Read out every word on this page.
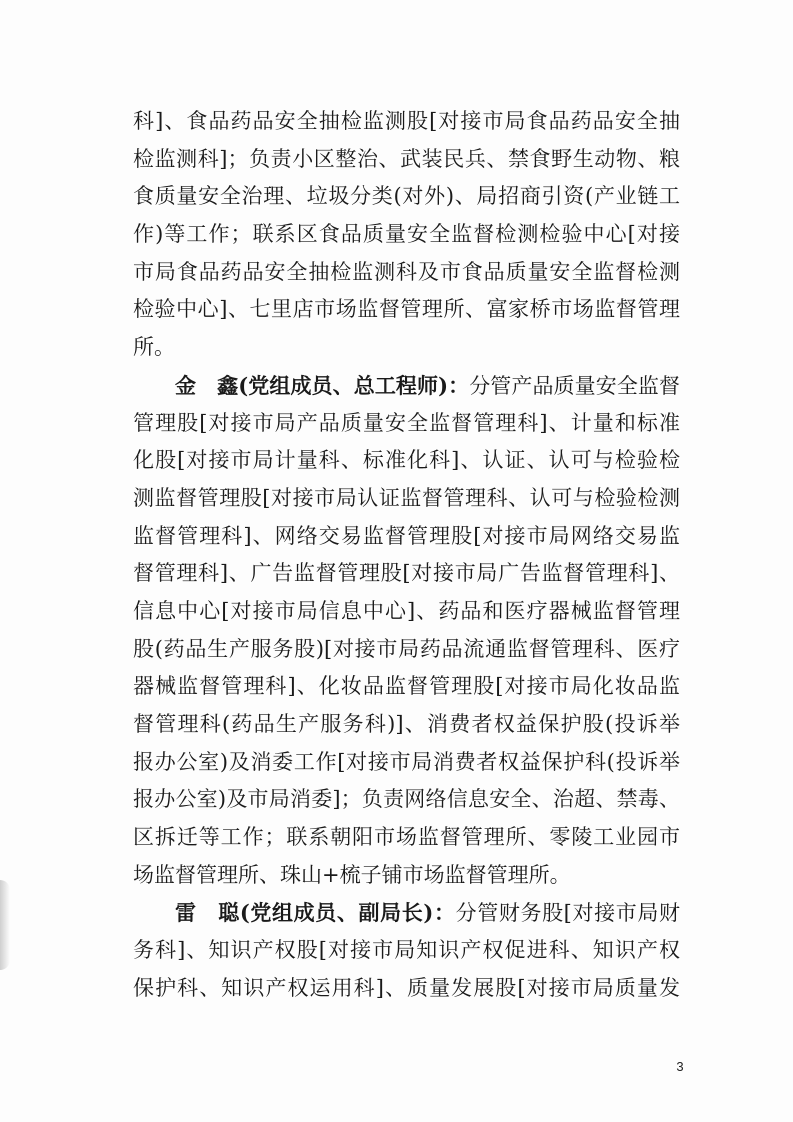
科]、食品药品安全抽检监测股[对接市局食品药品安全抽
检监测科]；负责小区整治、武装民兵、禁食野生动物、粮
食质量安全治理、垃圾分类(对外)、局招商引资(产业链工
作)等工作；联系区食品质量安全监督检测检验中心[对接
市局食品药品安全抽检监测科及市食品质量安全监督检测
检验中心]、七里店市场监督管理所、富家桥市场监督管理
所。
金　鑫(党组成员、总工程师)：分管产品质量安全监督
管理股[对接市局产品质量安全监督管理科]、计量和标准
化股[对接市局计量科、标准化科]、认证、认可与检验检
测监督管理股[对接市局认证监督管理科、认可与检验检测
监督管理科]、网络交易监督管理股[对接市局网络交易监
督管理科]、广告监督管理股[对接市局广告监督管理科]、
信息中心[对接市局信息中心]、药品和医疗器械监督管理
股(药品生产服务股)[对接市局药品流通监督管理科、医疗
器械监督管理科]、化妆品监督管理股[对接市局化妆品监
督管理科(药品生产服务科)]、消费者权益保护股(投诉举
报办公室)及消委工作[对接市局消费者权益保护科(投诉举
报办公室)及市局消委]；负责网络信息安全、治超、禁毒、
区拆迁等工作；联系朝阳市场监督管理所、零陵工业园市
场监督管理所、珠山+梳子铺市场监督管理所。
雷　聪(党组成员、副局长)：分管财务股[对接市局财
务科]、知识产权股[对接市局知识产权促进科、知识产权
保护科、知识产权运用科]、质量发展股[对接市局质量发
3
